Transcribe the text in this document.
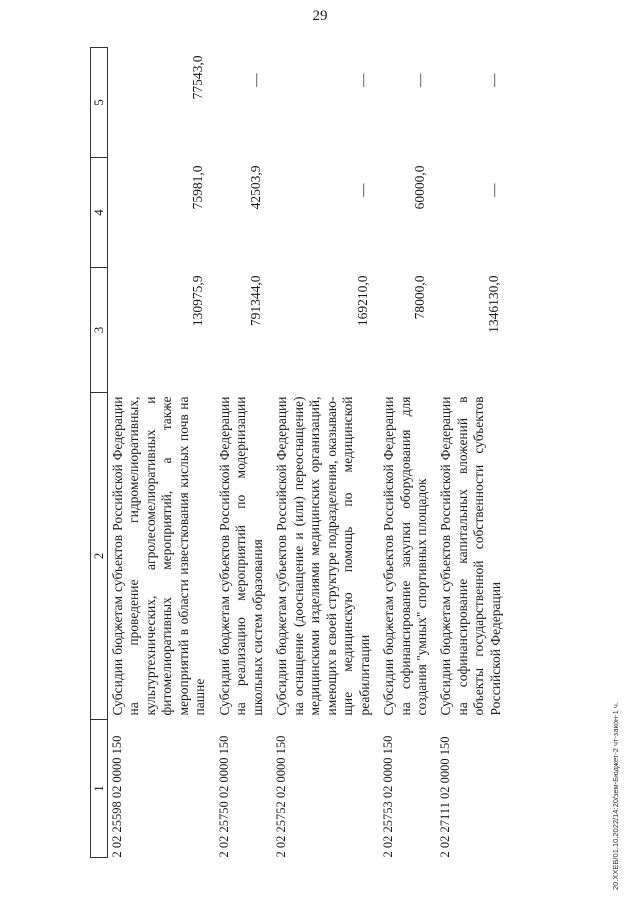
29
1	2	3	4	5
2 02 25598 02 0000 150	Субсидии бюджетам субъектов Российской Федерации на проведение гидромелиоративных, культуртехнических, агролесомелиоративных и фитомелиоративных мероприятий, а также мероприятий в области известкования кислых почв на пашне	130975,9	75981,0	77543,0
2 02 25750 02 0000 150	Субсидии бюджетам субъектов Российской Федерации на реализацию мероприятий по модернизации школьных систем образования	791344,0	42503,9	—
2 02 25752 02 0000 150	Субсидии бюджетам субъектов Российской Федерации на оснащение (дооснащение и (или) переоснащение) медицинскими изделиями медицинских организаций, имеющих в своей структуре подразделения, оказывающие медицинскую помощь по медицинской реабилитации	169210,0	—	—
2 02 25753 02 0000 150	Субсидии бюджетам субъектов Российской Федерации на софинансирование закупки оборудования для создания "умных" спортивных площадок	78000,0	60000,0	—
2 02 27111 02 0000 150	Субсидии бюджетам субъектов Российской Федерации на софинансирование капитальных вложений в объекты государственной собственности субъектов Российской Федерации	1346130,0	—	—
20.ХХЕВ/01.10.2022/14:20/зем-Бюджет-2 чт-закон-1 ч.
